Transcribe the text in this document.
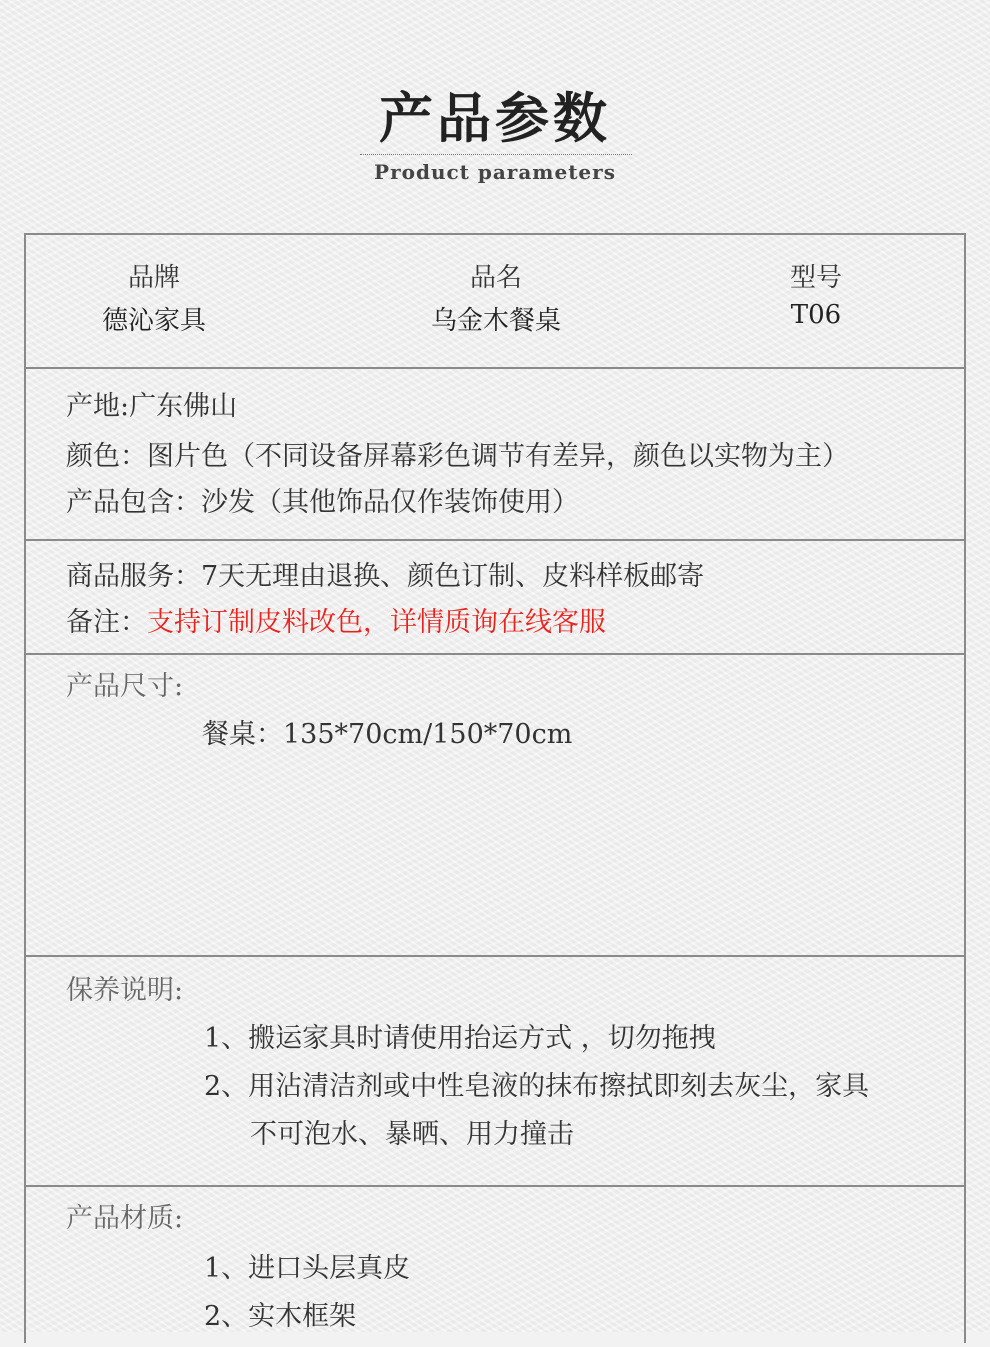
产品参数
Product parameters
品牌
德沁家具
品名
乌金木餐桌
型号
T06
产地:广东佛山
颜色：图片色（不同设备屏幕彩色调节有差异，颜色以实物为主）
产品包含：沙发（其他饰品仅作装饰使用）
商品服务：7天无理由退换、颜色订制、皮料样板邮寄
备注：支持订制皮料改色，详情质询在线客服
产品尺寸:
餐桌：135*70cm/150*70cm
保养说明:
1、搬运家具时请使用抬运方式 ，切勿拖拽
2、用沾清洁剂或中性皂液的抹布擦拭即刻去灰尘，家具
不可泡水、暴晒、用力撞击
产品材质:
1、进口头层真皮
2、实木框架
